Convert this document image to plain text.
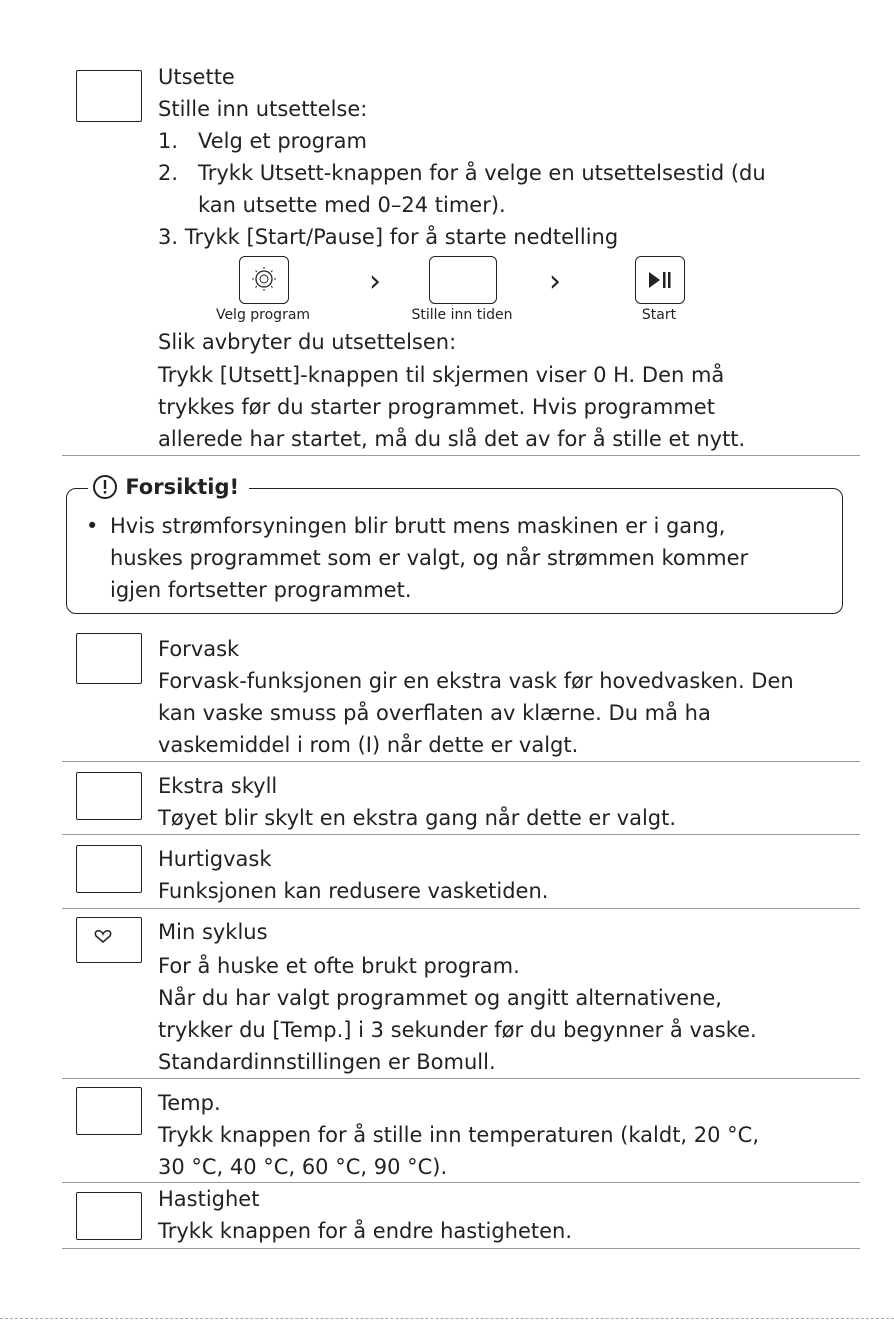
Utsette

Stille inn utsettelse:

1. Velg et program
2. Trykk Utsett-knappen for å velge en utsettelsestid (du
kan utsette med 0–24 timer).

3. Trykk [Start/Pause] for å starte nedtelling

Velg program
›
Stille inn tiden
›
Start

Slik avbryter du utsettelsen:

Trykk [Utsett]-knappen til skjermen viser 0 H. Den må

trykkes før du starter programmet. Hvis programmet

allerede har startet, må du slå det av for å stille et nytt.

Forsiktig!
• Hvis strømforsyningen blir brutt mens maskinen er i gang,
huskes programmet som er valgt, og når strømmen kommer
igjen fortsetter programmet.

Forvask

Forvask-funksjonen gir en ekstra vask før hovedvasken. Den

kan vaske smuss på overflaten av klærne. Du må ha

vaskemiddel i rom (I) når dette er valgt.

Ekstra skyll

Tøyet blir skylt en ekstra gang når dette er valgt.

Hurtigvask

Funksjonen kan redusere vasketiden.

Min syklus

For å huske et ofte brukt program.

Når du har valgt programmet og angitt alternativene,

trykker du [Temp.] i 3 sekunder før du begynner å vaske.

Standardinnstillingen er Bomull.

Temp.

Trykk knappen for å stille inn temperaturen (kaldt, 20 °C,

30 °C, 40 °C, 60 °C, 90 °C).

Hastighet

Trykk knappen for å endre hastigheten.
